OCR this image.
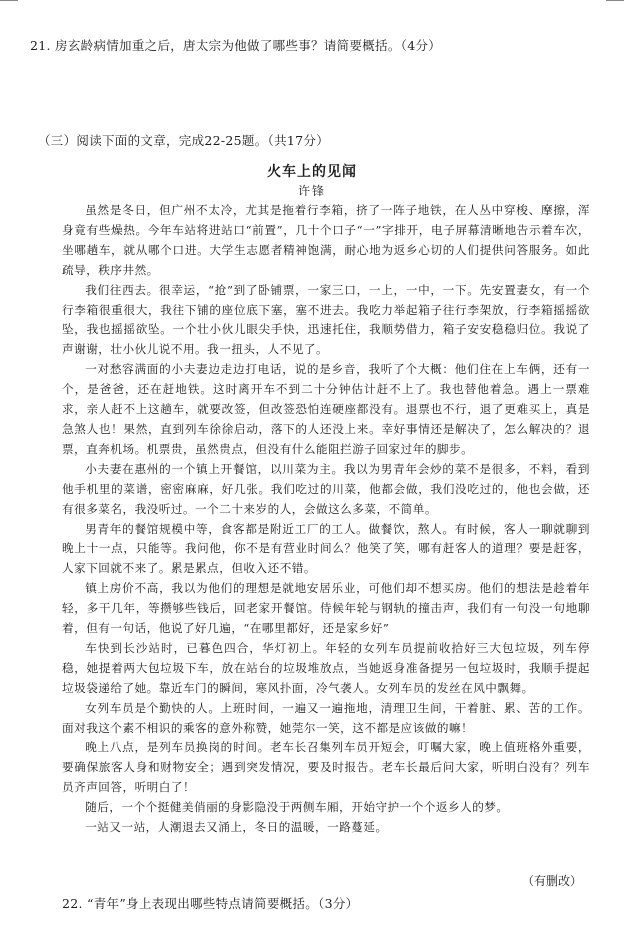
21. 房玄龄病情加重之后，唐太宗为他做了哪些事？请简要概括。（4分）
（三）阅读下面的文章，完成22-25题。（共17分）
火车上的见闻
许锋

虽然是冬日，但广州不太冷，尤其是拖着行李箱，挤了一阵子地铁，在人丛中穿梭、摩擦，浑身竟有些燥热。今年车站将进站口“前置”，几十个口子“一”字排开，电子屏幕清晰地告示着车次，坐哪趟车，就从哪个口进。大学生志愿者精神饱满，耐心地为返乡心切的人们提供问答服务。如此疏导，秩序井然。

我们往西去。很幸运，“抢”到了卧铺票，一家三口，一上，一中，一下。先安置妻女，有一个行李箱很重很大，我往下铺的座位底下塞，塞不进去。我吃力举起箱子往行李架放，行李箱摇摇欲坠，我也摇摇欲坠。一个壮小伙儿眼尖手快，迅速托住，我顺势借力，箱子安安稳稳归位。我说了声谢谢，壮小伙儿说不用。我一扭头，人不见了。

一对愁容满面的小夫妻边走边打电话，说的是乡音，我听了个大概：他们住在上车俩，还有一个，是爸爸，还在赶地铁。这时离开车不到二十分钟估计赶不上了。我也替他着急。遇上一票难求，亲人赶不上这趟车，就要改签，但改签恐怕连硬座都没有。退票也不行，退了更难买上，真是急煞人也！果然，直到列车徐徐启动，落下的人还没上来。幸好事情还是解决了，怎么解决的？退票，直奔机场。机票贵，虽然贵点，但没有什么能阻拦游子回家过年的脚步。

小夫妻在惠州的一个镇上开餐馆，以川菜为主。我以为男青年会炒的菜不是很多，不料，看到他手机里的菜谱，密密麻麻，好几张。我们吃过的川菜，他都会做，我们没吃过的，他也会做，还有很多菜名，我没听过。一个二十来岁的人，会做这么多菜，不简单。

男青年的餐馆规模中等，食客都是附近工厂的工人。做餐饮，熬人。有时候，客人一聊就聊到晚上十一点，只能等。我问他，你不是有营业时间么？他笑了笑，哪有赶客人的道理？要是赶客，人家下回就不来了。累是累点，但收入还不错。

镇上房价不高，我以为他们的理想是就地安居乐业，可他们却不想买房。他们的想法是趁着年轻，多干几年，等攒够些钱后，回老家开餐馆。侍候年轮与钢轨的撞击声，我们有一句没一句地聊着，但有一句话，他说了好几遍，“在哪里都好，还是家乡好”

车快到长沙站时，已暮色四合，华灯初上。年轻的女列车员提前收拾好三大包垃圾，列车停稳，她提着两大包垃圾下车，放在站台的垃圾堆放点，当她返身准备提另一包垃圾时，我顺手提起垃圾袋递给了她。靠近车门的瞬间，寒风扑面，冷气袭人。女列车员的发丝在风中飘舞。

女列车员是个勤快的人。上班时间，一遍又一遍拖地，清理卫生间，干着脏、累、苦的工作。面对我这个素不相识的乘客的意外称赞，她莞尔一笑，这不都是应该做的嘛！

晚上八点，是列车员换岗的时间。老车长召集列车员开短会，叮嘱大家，晚上值班格外重要，要确保旅客人身和财物安全；遇到突发情况，要及时报告。老车长最后问大家，听明白没有？列车员齐声回答，听明白了！

随后，一个个挺健美俏丽的身影隐没于两侧车厢，开始守护一个个返乡人的梦。

一站又一站，人潮退去又涌上，冬日的温暖，一路蔓延。

（有删改）
22. “青年”身上表现出哪些特点请简要概括。（3分）
